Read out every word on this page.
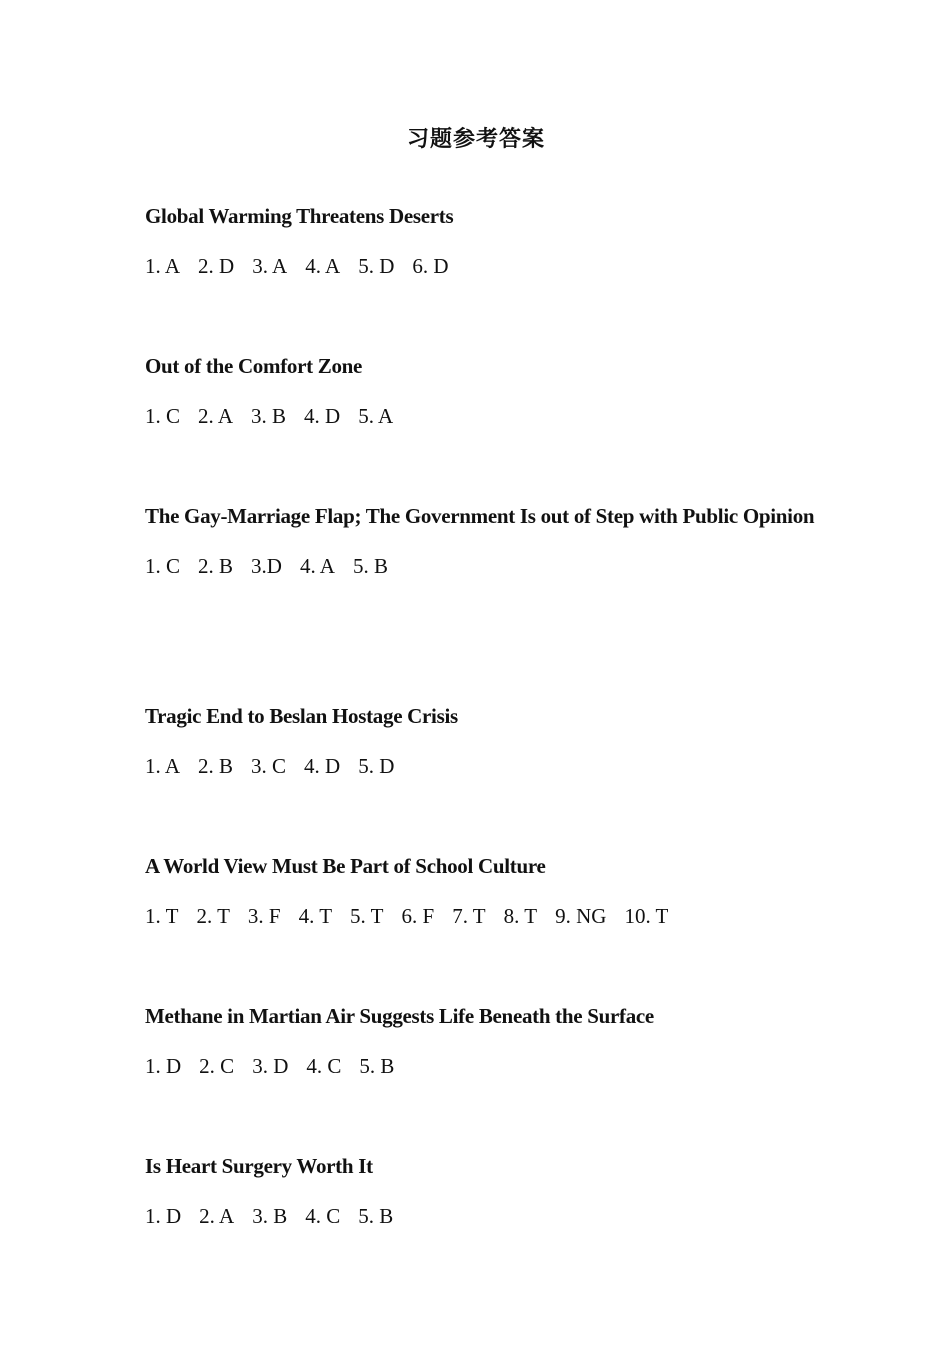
习题参考答案

Global Warming Threatens Deserts

1. A 2. D 3. A 4. A 5. D 6. D

Out of the Comfort Zone

1. C 2. A 3. B 4. D 5. A

The Gay-Marriage Flap; The Government Is out of Step with Public Opinion

1. C 2. B 3.D 4. A 5. B

Tragic End to Beslan Hostage Crisis

1. A 2. B 3. C 4. D 5. D

A World View Must Be Part of School Culture

1. T 2. T 3. F 4. T 5. T 6. F 7. T 8. T 9. NG 10. T

Methane in Martian Air Suggests Life Beneath the Surface

1. D 2. C 3. D 4. C 5. B

Is Heart Surgery Worth It

1. D 2. A 3. B 4. C 5. B
